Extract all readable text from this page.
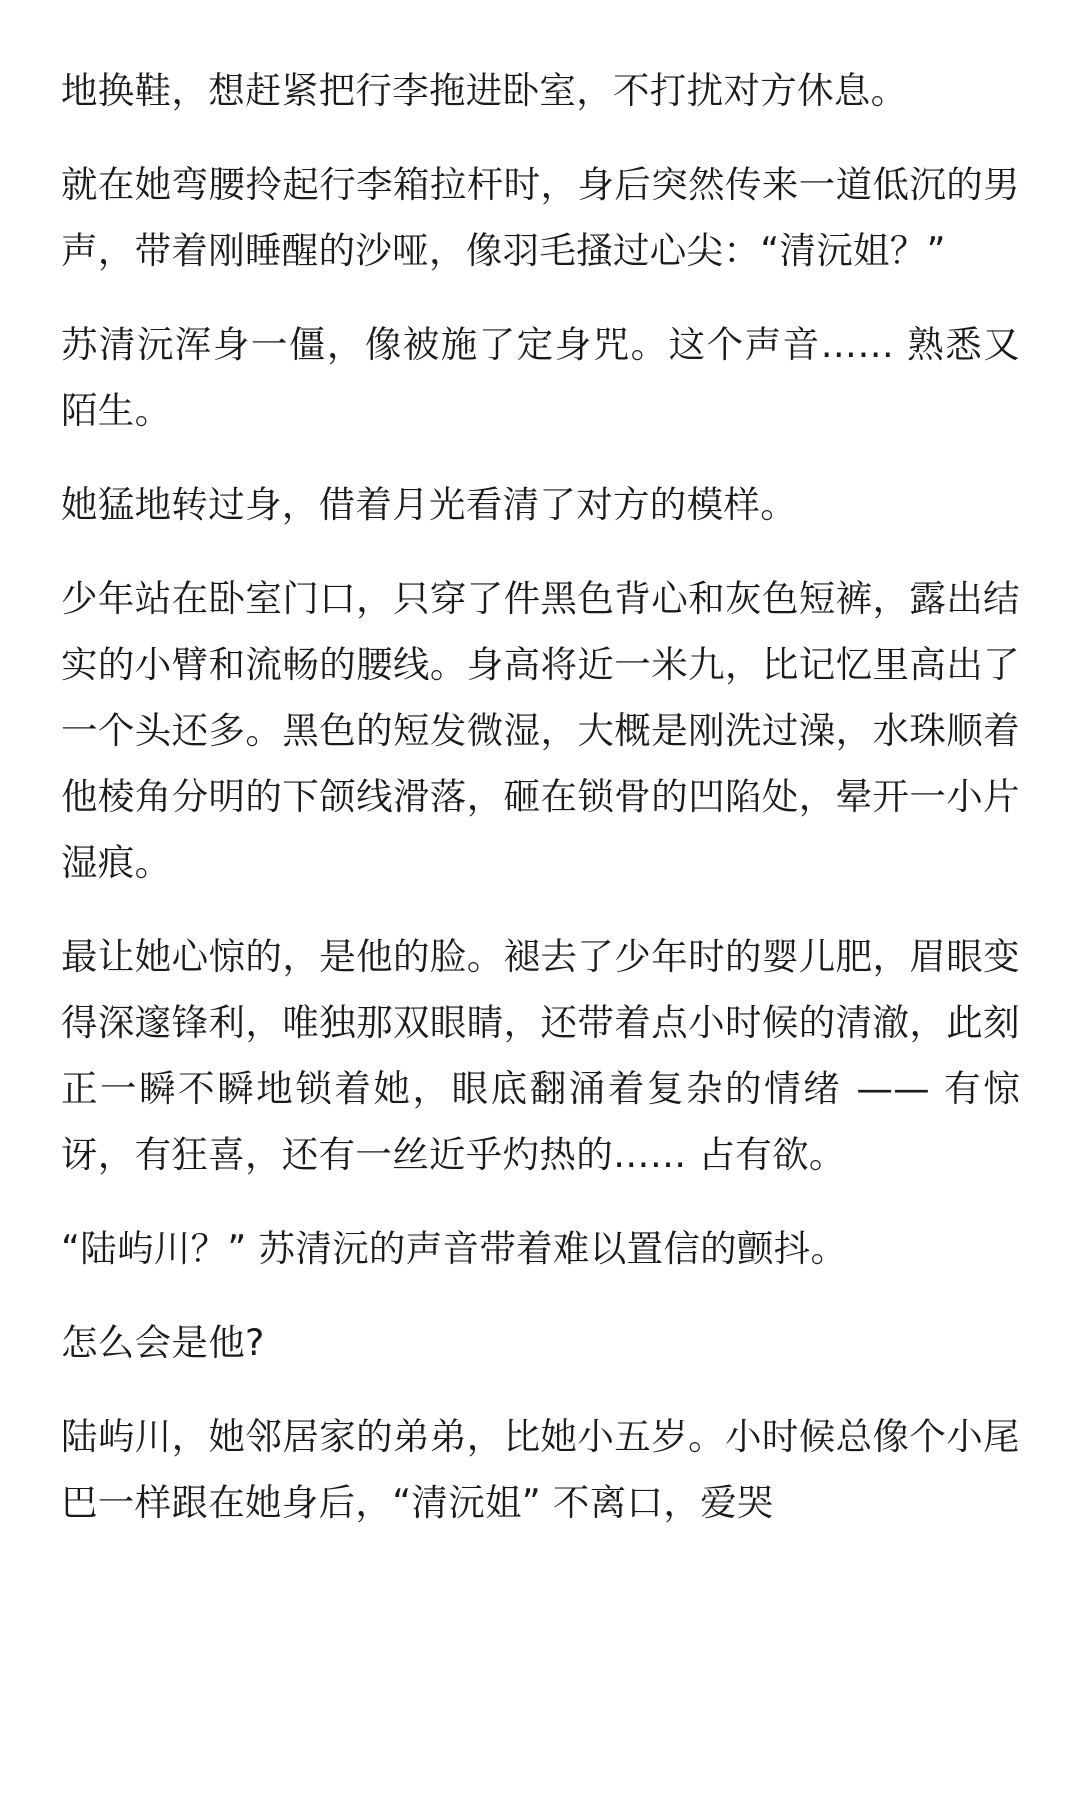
地换鞋，想赶紧把行李拖进卧室，不打扰对方休息。

就在她弯腰拎起行李箱拉杆时，身后突然传来一道低沉的男声，带着刚睡醒的沙哑，像羽毛搔过心尖：“清沅姐？”

苏清沅浑身一僵，像被施了定身咒。这个声音…… 熟悉又陌生。

她猛地转过身，借着月光看清了对方的模样。

少年站在卧室门口，只穿了件黑色背心和灰色短裤，露出结实的小臂和流畅的腰线。身高将近一米九，比记忆里高出了一个头还多。黑色的短发微湿，大概是刚洗过澡，水珠顺着他棱角分明的下颌线滑落，砸在锁骨的凹陷处，晕开一小片湿痕。

最让她心惊的，是他的脸。褪去了少年时的婴儿肥，眉眼变得深邃锋利，唯独那双眼睛，还带着点小时候的清澈，此刻正一瞬不瞬地锁着她，眼底翻涌着复杂的情绪 —— 有惊讶，有狂喜，还有一丝近乎灼热的…… 占有欲。

“陆屿川？” 苏清沅的声音带着难以置信的颤抖。

怎么会是他?

陆屿川，她邻居家的弟弟，比她小五岁。小时候总像个小尾巴一样跟在她身后，“清沅姐” 不离口，爱哭
